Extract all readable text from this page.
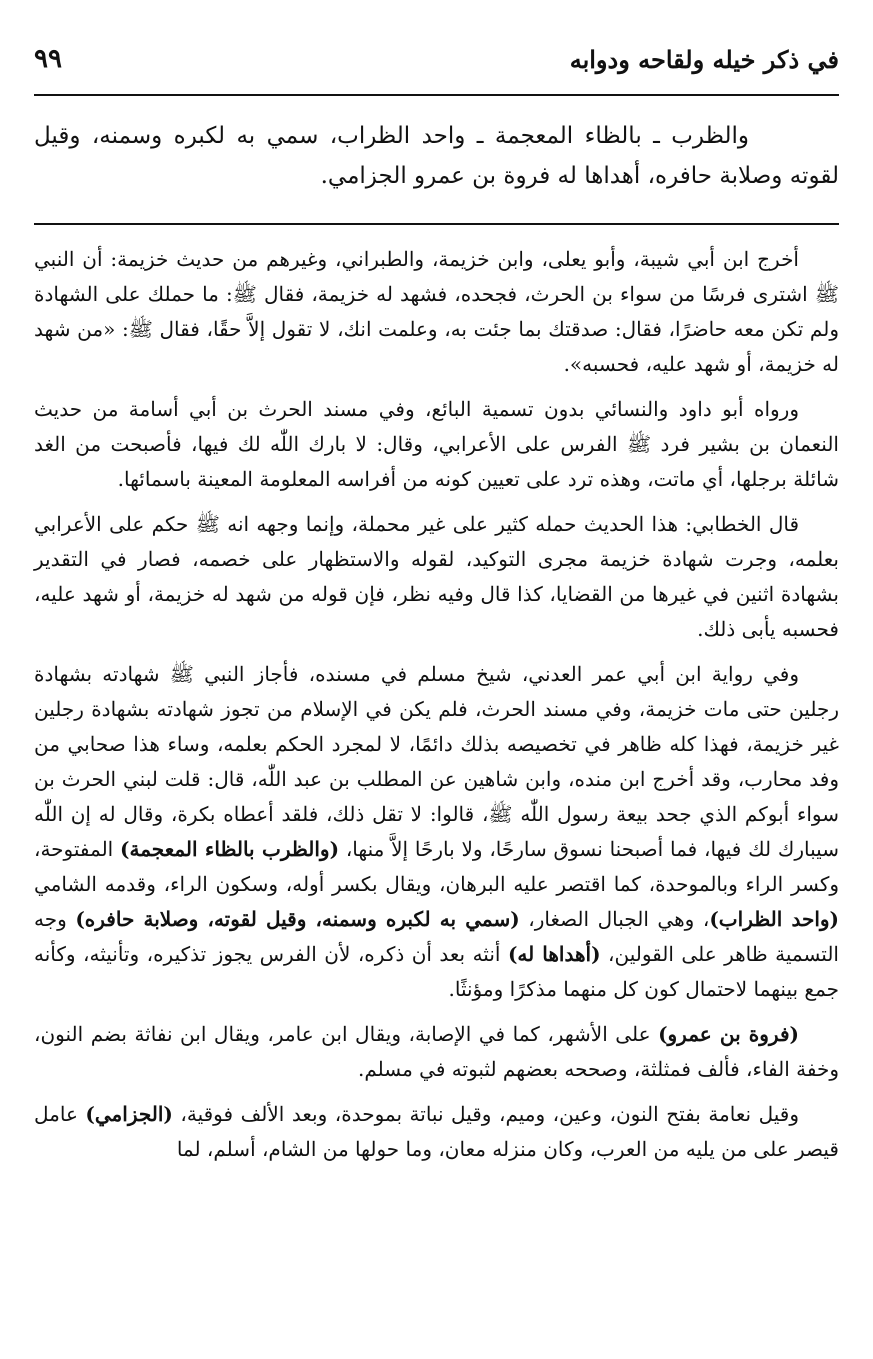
في ذكر خيله ولقاحه ودوابه
٩٩

والظرب ـ بالظاء المعجمة ـ واحد الظراب، سمي به لكبره وسمنه، وقيل لقوته وصلابة حافره، أهداها له فروة بن عمرو الجزامي.

أخرج ابن أبي شيبة، وأبو يعلى، وابن خزيمة، والطبراني، وغيرهم من حديث خزيمة: أن النبي ﷺ اشترى فرسًا من سواء بن الحرث، فجحده، فشهد له خزيمة، فقال ﷺ: ما حملك على الشهادة ولم تكن معه حاضرًا، فقال: صدقتك بما جئت به، وعلمت انك، لا تقول إلاَّ حقًا، فقال ﷺ: «من شهد له خزيمة، أو شهد عليه، فحسبه».

ورواه أبو داود والنسائي بدون تسمية البائع، وفي مسند الحرث بن أبي أسامة من حديث النعمان بن بشير فرد ﷺ الفرس على الأعرابي، وقال: لا بارك اللّٰه لك فيها، فأصبحت من الغد شائلة برجلها، أي ماتت، وهذه ترد على تعيين كونه من أفراسه المعلومة المعينة باسمائها.

قال الخطابي: هذا الحديث حمله كثير على غير محملة، وإنما وجهه انه ﷺ حكم على الأعرابي بعلمه، وجرت شهادة خزيمة مجرى التوكيد، لقوله والاستظهار على خصمه، فصار في التقدير بشهادة اثنين في غيرها من القضايا، كذا قال وفيه نظر، فإن قوله من شهد له خزيمة، أو شهد عليه، فحسبه يأبى ذلك.

وفي رواية ابن أبي عمر العدني، شيخ مسلم في مسنده، فأجاز النبي ﷺ شهادته بشهادة رجلين حتى مات خزيمة، وفي مسند الحرث، فلم يكن في الإسلام من تجوز شهادته بشهادة رجلين غير خزيمة، فهذا كله ظاهر في تخصيصه بذلك دائمًا، لا لمجرد الحكم بعلمه، وساء هذا صحابي من وفد محارب، وقد أخرج ابن منده، وابن شاهين عن المطلب بن عبد اللّٰه، قال: قلت لبني الحرث بن سواء أبوكم الذي جحد بيعة رسول اللّٰه ﷺ، قالوا: لا تقل ذلك، فلقد أعطاه بكرة، وقال له إن اللّٰه سيبارك لك فيها، فما أصبحنا نسوق سارحًا، ولا بارحًا إلاَّ منها، (والظرب بالظاء المعجمة) المفتوحة، وكسر الراء وبالموحدة، كما اقتصر عليه البرهان، ويقال بكسر أوله، وسكون الراء، وقدمه الشامي (واحد الظراب)، وهي الجبال الصغار، (سمي به لكبره وسمنه، وقيل لقوته، وصلابة حافره) وجه التسمية ظاهر على القولين، (أهداها له) أنثه بعد أن ذكره، لأن الفرس يجوز تذكيره، وتأنيثه، وكأنه جمع بينهما لاحتمال كون كل منهما مذكرًا ومؤنثًا.

(فروة بن عمرو) على الأشهر، كما في الإصابة، ويقال ابن عامر، ويقال ابن نفاثة بضم النون، وخفة الفاء، فألف فمثلثة، وصححه بعضهم لثبوته في مسلم.

وقيل نعامة بفتح النون، وعين، وميم، وقيل نباتة بموحدة، وبعد الألف فوقية، (الجزامي) عامل قيصر على من يليه من العرب، وكان منزله معان، وما حولها من الشام، أسلم، لما
